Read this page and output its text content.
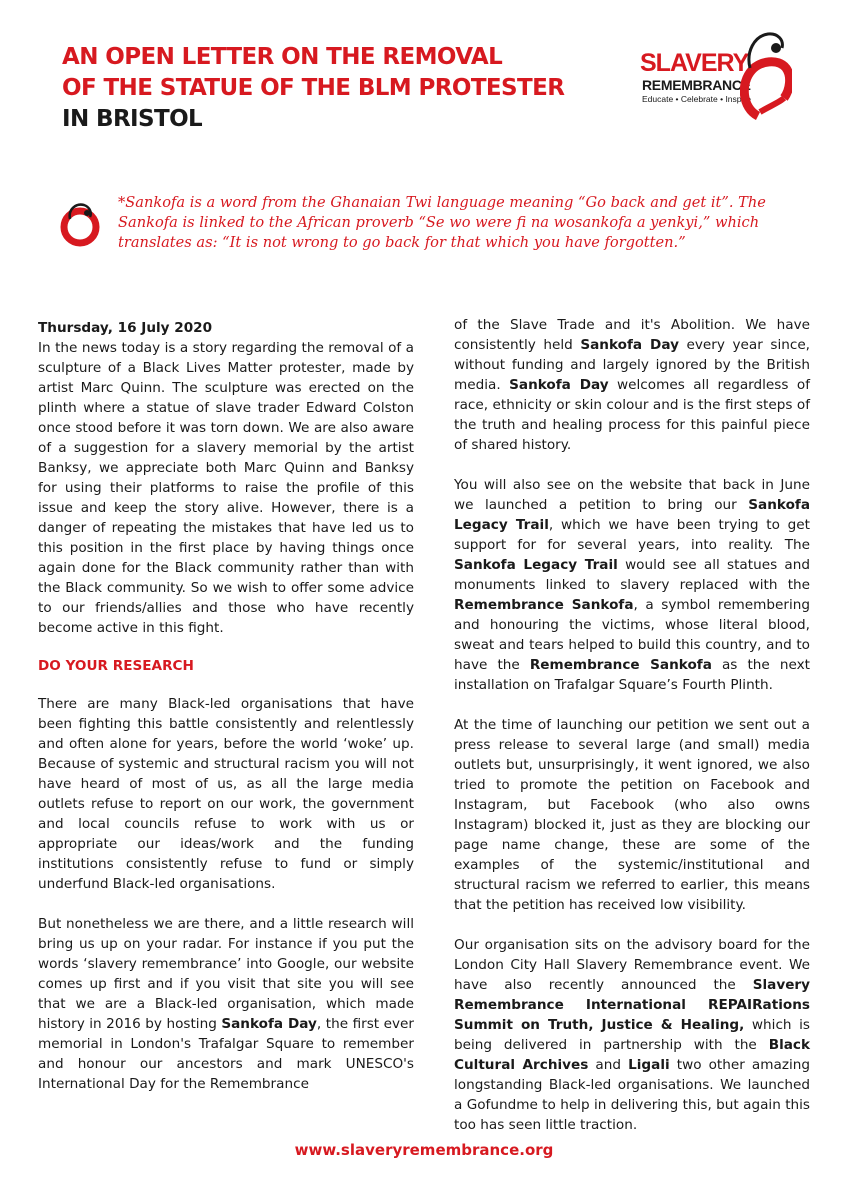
AN OPEN LETTER ON THE REMOVAL
OF THE STATUE OF THE BLM PROTESTER
IN BRISTOL
SLAVERY
REMEMBRANCE
Educate • Celebrate • Inspire
*Sankofa is a word from the Ghanaian Twi language meaning “Go back and get it”. The Sankofa is linked to the African proverb “Se wo were fi na wosankofa a yenkyi,” which translates as: “It is not wrong to go back for that which you have forgotten.”

Thursday, 16 July 2020

In the news today is a story regarding the removal of a sculpture of a Black Lives Matter protester, made by artist Marc Quinn. The sculpture was erected on the plinth where a statue of slave trader Edward Colston once stood before it was torn down. We are also aware of a suggestion for a slavery memorial by the artist Banksy, we appreciate both Marc Quinn and Banksy for using their platforms to raise the profile of this issue and keep the story alive. However, there is a danger of repeating the mistakes that have led us to this position in the first place by having things once again done for the Black community rather than with the Black community. So we wish to offer some advice to our friends/allies and those who have recently become active in this fight.

DO YOUR RESEARCH

There are many Black-led organisations that have been fighting this battle consistently and relentlessly and often alone for years, before the world ‘woke’ up. Because of systemic and structural racism you will not have heard of most of us, as all the large media outlets refuse to report on our work, the government and local councils refuse to work with us or appropriate our ideas/work and the funding institutions consistently refuse to fund or simply underfund Black-led organisations.

But nonetheless we are there, and a little research will bring us up on your radar. For instance if you put the words ‘slavery remembrance’ into Google, our website comes up first and if you visit that site you will see that we are a Black-led organisation, which made history in 2016 by hosting Sankofa Day, the first ever memorial in London's Trafalgar Square to remember and honour our ancestors and mark UNESCO's International Day for the Remembrance

of the Slave Trade and it's Abolition. We have consistently held Sankofa Day every year since, without funding and largely ignored by the British media. Sankofa Day welcomes all regardless of race, ethnicity or skin colour and is the first steps of the truth and healing process for this painful piece of shared history.

You will also see on the website that back in June we launched a petition to bring our Sankofa Legacy Trail, which we have been trying to get support for for several years, into reality. The Sankofa Legacy Trail would see all statues and monuments linked to slavery replaced with the Remembrance Sankofa, a symbol remembering and honouring the victims, whose literal blood, sweat and tears helped to build this country, and to have the Remembrance Sankofa as the next installation on Trafalgar Square’s Fourth Plinth.

At the time of launching our petition we sent out a press release to several large (and small) media outlets but, unsurprisingly, it went ignored, we also tried to promote the petition on Facebook and Instagram, but Facebook (who also owns Instagram) blocked it, just as they are blocking our page name change, these are some of the examples of the systemic/institutional and structural racism we referred to earlier, this means that the petition has received low visibility.

Our organisation sits on the advisory board for the London City Hall Slavery Remembrance event. We have also recently announced the Slavery Remembrance International REPAIRations Summit on Truth, Justice & Healing, which is being delivered in partnership with the Black Cultural Archives and Ligali two other amazing longstanding Black-led organisations. We launched a Gofundme to help in delivering this, but again this too has seen little traction.

www.slaveryremembrance.org
